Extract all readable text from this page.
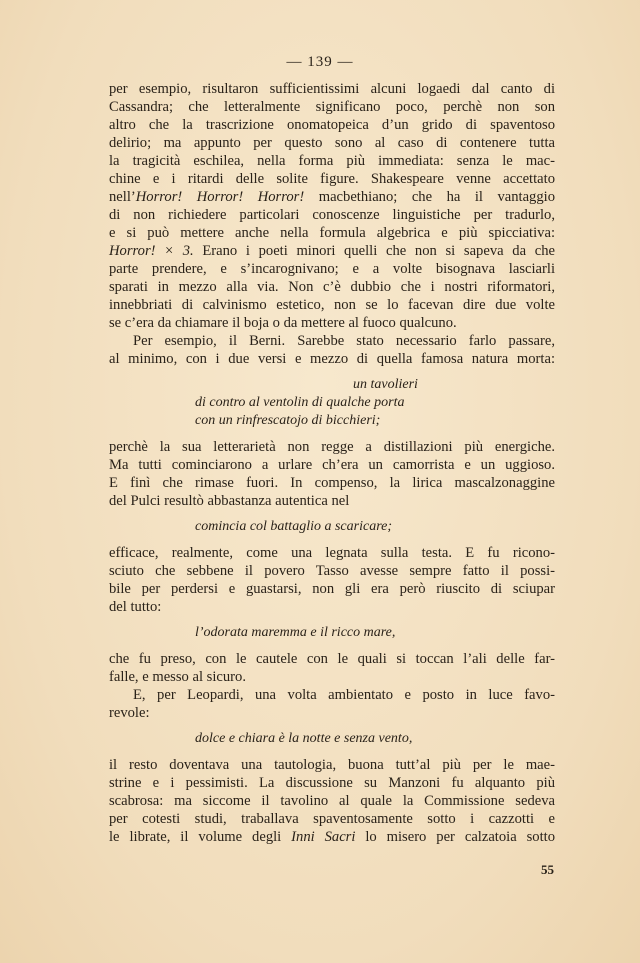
— 139 —
per esempio, risultaron sufficientissimi alcuni logaedi dal canto di
Cassandra; che letteralmente significano poco, perchè non son
altro che la trascrizione onomatopeica d’un grido di spaventoso
delirio; ma appunto per questo sono al caso di contenere tutta
la tragicità eschilea, nella forma più immediata: senza le mac-
chine e i ritardi delle solite figure. Shakespeare venne accettato
nell’Horror! Horror! Horror! macbethiano; che ha il vantaggio
di non richiedere particolari conoscenze linguistiche per tradurlo,
e si può mettere anche nella formula algebrica e più spicciativa:
Horror! × 3. Erano i poeti minori quelli che non si sapeva da che
parte prendere, e s’incarognivano; e a volte bisognava lasciarli
sparati in mezzo alla via. Non c’è dubbio che i nostri riformatori,
innebbriati di calvinismo estetico, non se lo facevan dire due volte
se c’era da chiamare il boja o da mettere al fuoco qualcuno.
Per esempio, il Berni. Sarebbe stato necessario farlo passare,
al minimo, con i due versi e mezzo di quella famosa natura morta:
un tavolieri
di contro al ventolin di qualche porta
con un rinfrescatojo di bicchieri;
perchè la sua letterarietà non regge a distillazioni più energiche.
Ma tutti cominciarono a urlare ch’era un camorrista e un uggioso.
E finì che rimase fuori. In compenso, la lirica mascalzonaggine
del Pulci resultò abbastanza autentica nel
comincia col battaglio a scaricare;
efficace, realmente, come una legnata sulla testa. E fu ricono-
sciuto che sebbene il povero Tasso avesse sempre fatto il possi-
bile per perdersi e guastarsi, non gli era però riuscito di sciupar
del tutto:
l’odorata maremma e il ricco mare,
che fu preso, con le cautele con le quali si toccan l’ali delle far-
falle, e messo al sicuro.
E, per Leopardi, una volta ambientato e posto in luce favo-
revole:
dolce e chiara è la notte e senza vento,
il resto doventava una tautologia, buona tutt’al più per le mae-
strine e i pessimisti. La discussione su Manzoni fu alquanto più
scabrosa: ma siccome il tavolino al quale la Commissione sedeva
per cotesti studi, traballava spaventosamente sotto i cazzotti e
le librate, il volume degli Inni Sacri lo misero per calzatoia sotto
55
